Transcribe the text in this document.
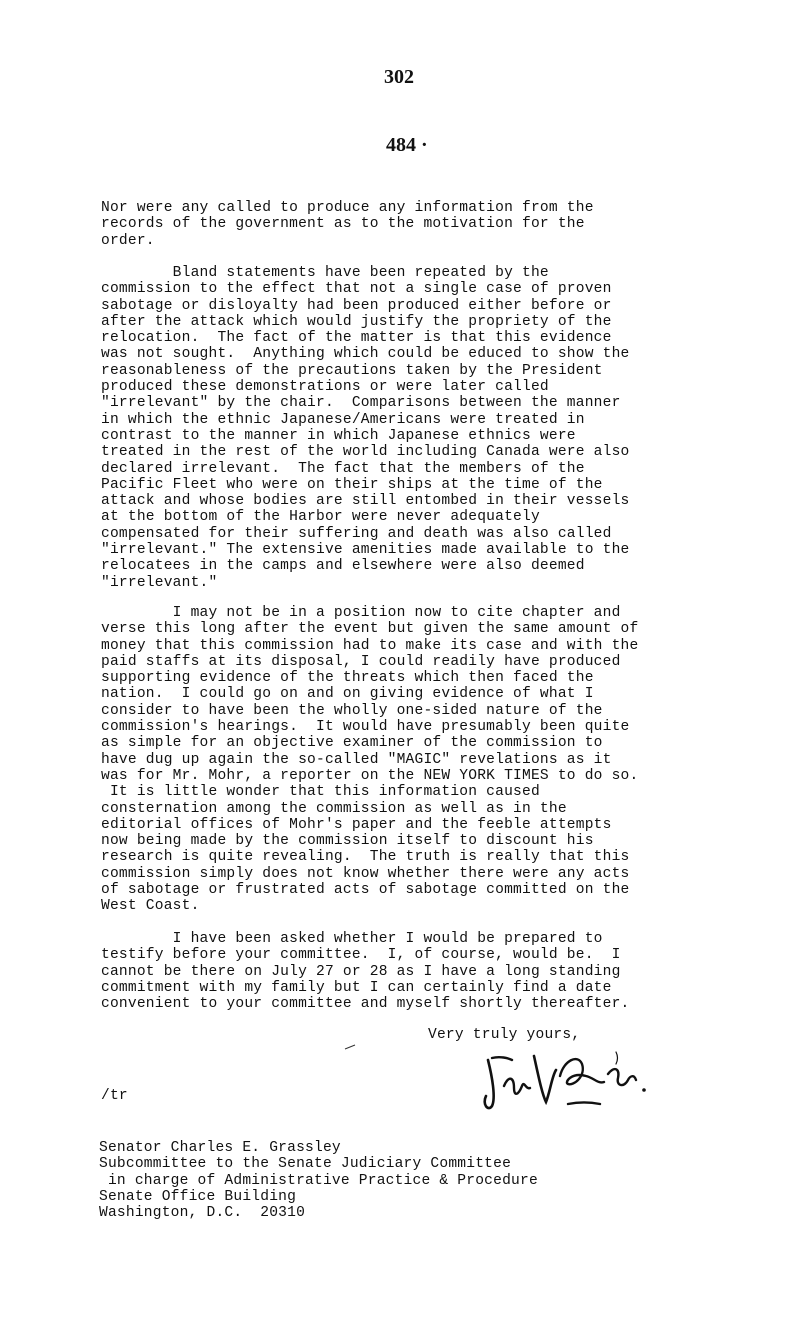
302
484 ·
Nor were any called to produce any information from the
records of the government as to the motivation for the
order.
Bland statements have been repeated by the
commission to the effect that not a single case of proven
sabotage or disloyalty had been produced either before or
after the attack which would justify the propriety of the
relocation.  The fact of the matter is that this evidence
was not sought.  Anything which could be educed to show the
reasonableness of the precautions taken by the President
produced these demonstrations or were later called
"irrelevant" by the chair.  Comparisons between the manner
in which the ethnic Japanese/Americans were treated in
contrast to the manner in which Japanese ethnics were
treated in the rest of the world including Canada were also
declared irrelevant.  The fact that the members of the
Pacific Fleet who were on their ships at the time of the
attack and whose bodies are still entombed in their vessels
at the bottom of the Harbor were never adequately
compensated for their suffering and death was also called
"irrelevant." The extensive amenities made available to the
relocatees in the camps and elsewhere were also deemed
"irrelevant."
I may not be in a position now to cite chapter and
verse this long after the event but given the same amount of
money that this commission had to make its case and with the
paid staffs at its disposal, I could readily have produced
supporting evidence of the threats which then faced the
nation.  I could go on and on giving evidence of what I
consider to have been the wholly one-sided nature of the
commission's hearings.  It would have presumably been quite
as simple for an objective examiner of the commission to
have dug up again the so-called "MAGIC" revelations as it
was for Mr. Mohr, a reporter on the NEW YORK TIMES to do so.
It is little wonder that this information caused
consternation among the commission as well as in the
editorial offices of Mohr's paper and the feeble attempts
now being made by the commission itself to discount his
research is quite revealing.  The truth is really that this
commission simply does not know whether there were any acts
of sabotage or frustrated acts of sabotage committed on the
West Coast.
I have been asked whether I would be prepared to
testify before your committee.  I, of course, would be.  I
cannot be there on July 27 or 28 as I have a long standing
commitment with my family but I can certainly find a date
convenient to your committee and myself shortly thereafter.
Very truly yours,
/tr
Senator Charles E. Grassley
Subcommittee to the Senate Judiciary Committee
in charge of Administrative Practice & Procedure
Senate Office Building
Washington, D.C.  20310
